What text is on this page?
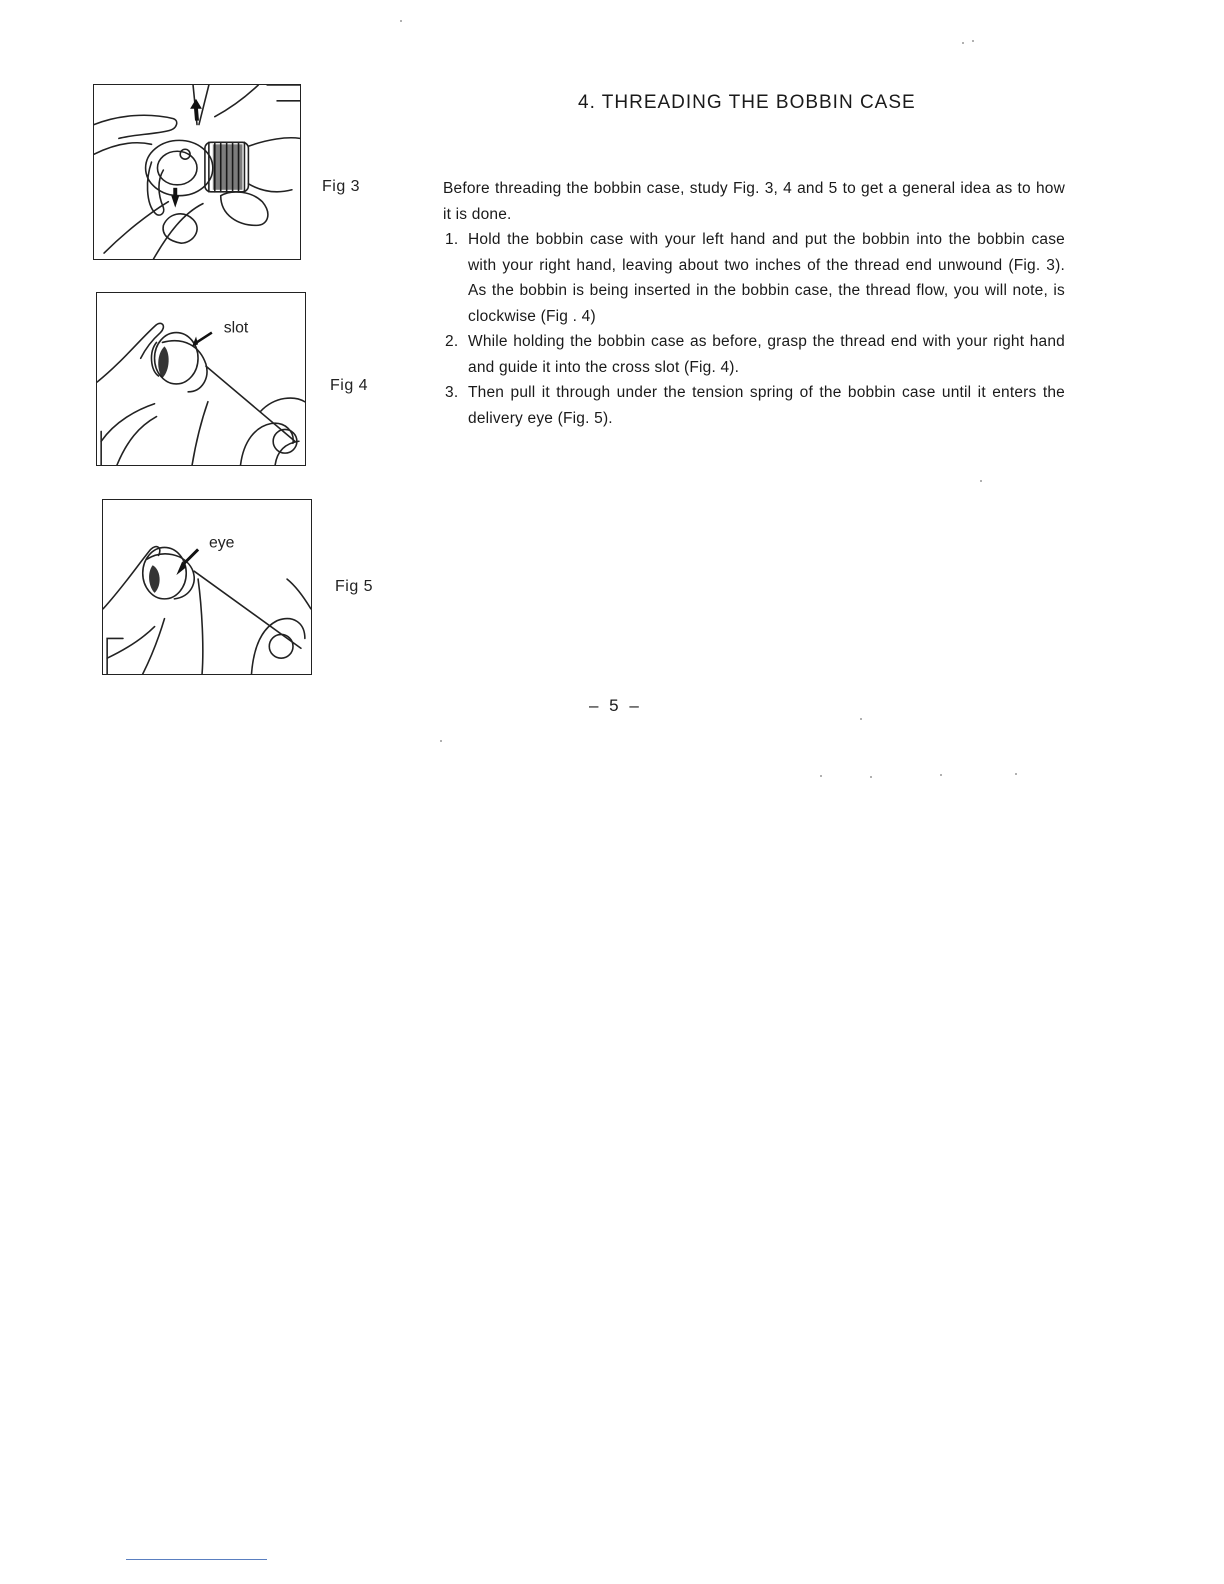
Fig 3
slot
Fig 4
eye
Fig 5
4. THREADING THE BOBBIN CASE

Before threading the bobbin case, study Fig. 3, 4 and 5 to get a general idea as to how it is done.

1. Hold the bobbin case with your left hand and put the bobbin into the bobbin case with your right hand, leaving about two inches of the thread end unwound (Fig. 3). As the bobbin is being inserted in the bobbin case, the thread flow, you will note, is clockwise (Fig . 4)
2. While holding the bobbin case as before, grasp the thread end with your right hand and guide it into the cross slot (Fig. 4).
3. Then pull it through under the tension spring of the bobbin case until it enters the delivery eye (Fig. 5).
– 5 –
